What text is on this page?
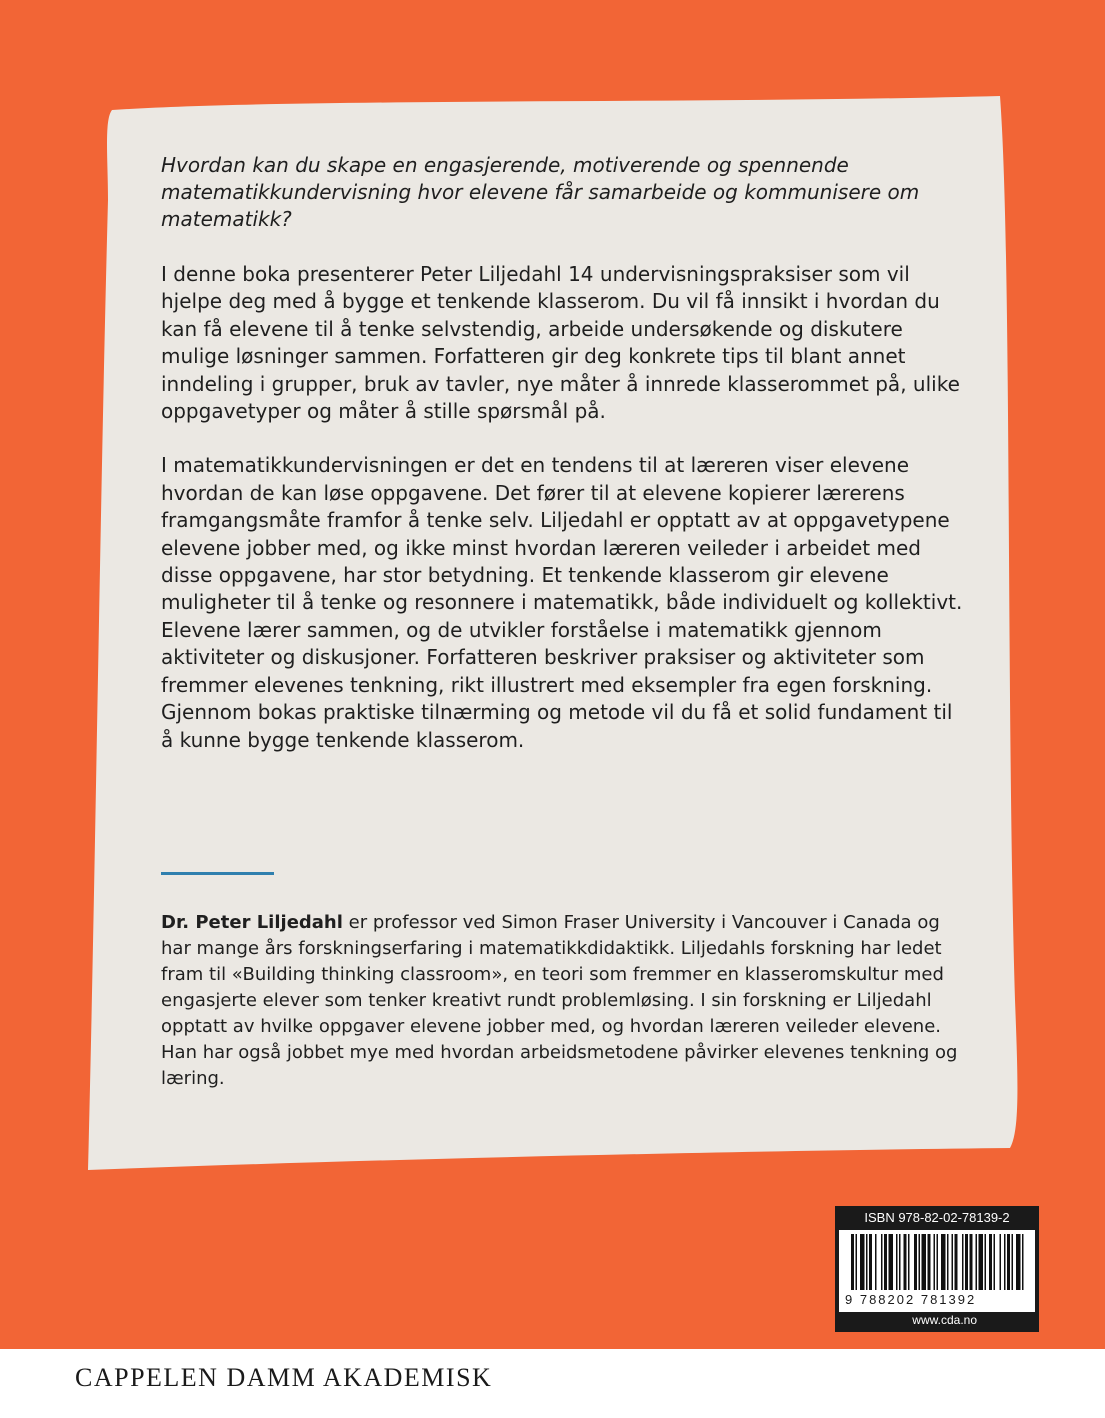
Hvordan kan du skape en engasjerende, motiverende og spennende matematikkundervisning hvor elevene får samarbeide og kommunisere om matematikk?

I denne boka presenterer Peter Liljedahl 14 undervisningspraksiser som vil hjelpe deg med å bygge et tenkende klasserom. Du vil få innsikt i hvordan du kan få elevene til å tenke selvstendig, arbeide undersøkende og diskutere mulige løsninger sammen. Forfatteren gir deg konkrete tips til blant annet inndeling i grupper, bruk av tavler, nye måter å innrede klasserommet på, ulike oppgavetyper og måter å stille spørsmål på.

I matematikkundervisningen er det en tendens til at læreren viser elevene hvordan de kan løse oppgavene. Det fører til at elevene kopierer lærerens framgangsmåte framfor å tenke selv. Liljedahl er opptatt av at oppgavetypene elevene jobber med, og ikke minst hvordan læreren veileder i arbeidet med disse oppgavene, har stor betydning. Et tenkende klasserom gir elevene muligheter til å tenke og resonnere i matematikk, både individuelt og kollektivt. Elevene lærer sammen, og de utvikler forståelse i matematikk gjennom aktiviteter og diskusjoner. Forfatteren beskriver praksiser og aktiviteter som fremmer elevenes tenkning, rikt illustrert med eksempler fra egen forskning. Gjennom bokas praktiske tilnærming og metode vil du få et solid fundament til å kunne bygge tenkende klasserom.

Dr. Peter Liljedahl er professor ved Simon Fraser University i Vancouver i Canada og har mange års forskningserfaring i matematikkdidaktikk. Liljedahls forskning har ledet fram til «Building thinking classroom», en teori som fremmer en klasseromskultur med engasjerte elever som tenker kreativt rundt problemløsing. I sin forskning er Liljedahl opptatt av hvilke oppgaver elevene jobber med, og hvordan læreren veileder elevene. Han har også jobbet mye med hvordan arbeidsmetodene påvirker elevenes tenkning og læring.
ISBN 978-82-02-78139-2
9 788202 781392
www.cda.no
CAPPELEN DAMM AKADEMISK
